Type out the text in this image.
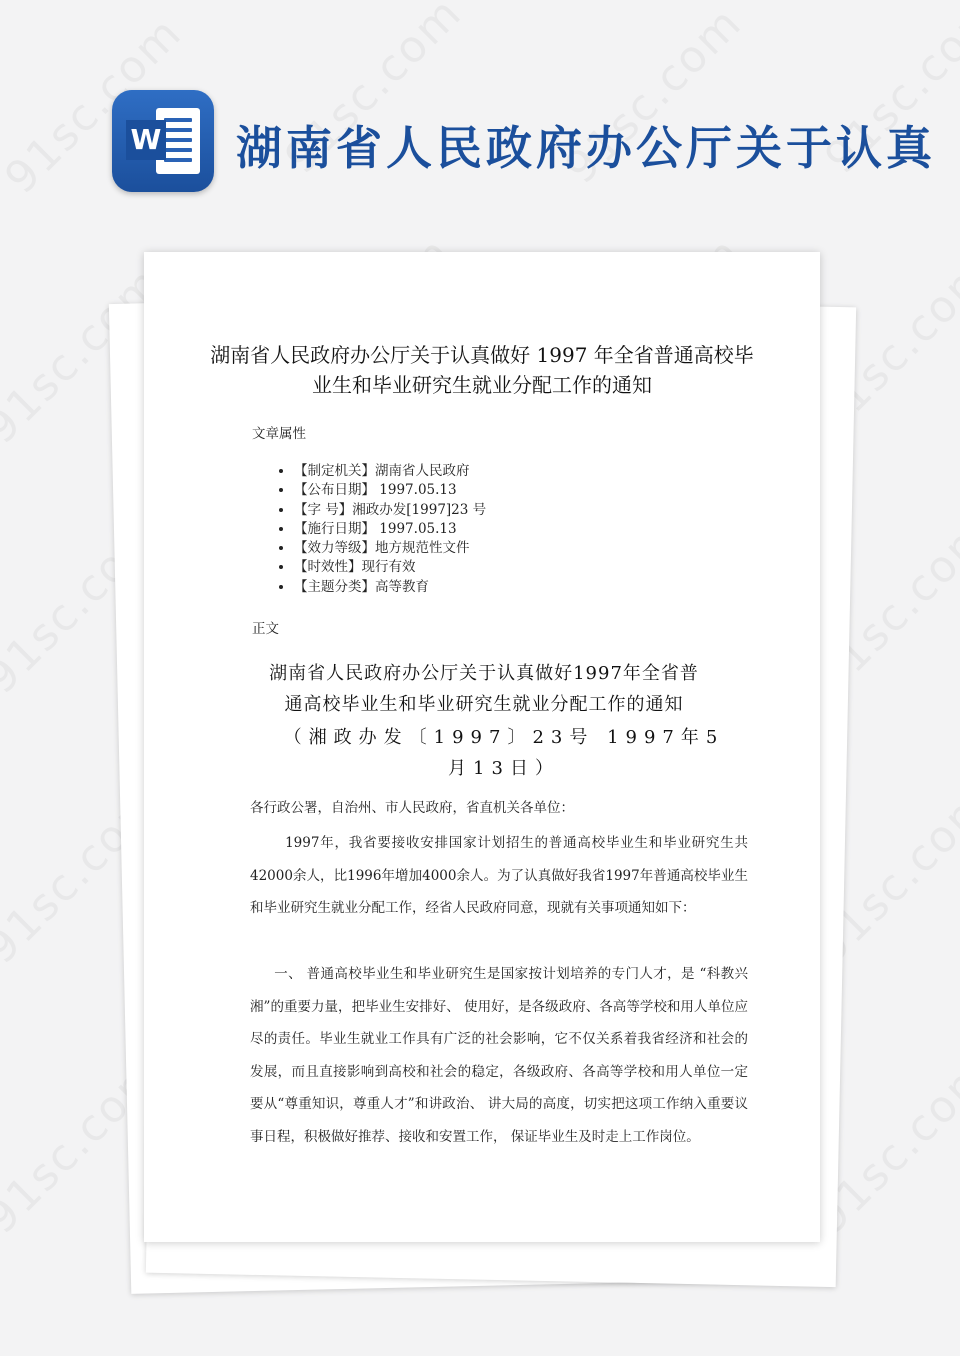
W 湖南省人民政府办公厅关于认真
湖南省人民政府办公厅关于认真做好 1997 年全省普通高校毕业生和毕业研究生就业分配工作的通知
文章属性
• 【制定机关】湖南省人民政府
• 【公布日期】 1997.05.13
• 【字 号】湘政办发[1997]23 号
• 【施行日期】 1997.05.13
• 【效力等级】地方规范性文件
• 【时效性】现行有效
• 【主题分类】高等教育
正文
湖南省人民政府办公厅关于认真做好1997年全省普通高校毕业生和毕业研究生就业分配工作的通知
（湘政办发〔1997〕23号 1997年5月13日）
各行政公署，自治州、市人民政府，省直机关各单位：
1997年，我省要接收安排国家计划招生的普通高校毕业生和毕业研究生共42000余人，比1996年增加4000余人。为了认真做好我省1997年普通高校毕业生和毕业研究生就业分配工作，经省人民政府同意，现就有关事项通知如下：
一、 普通高校毕业生和毕业研究生是国家按计划培养的专门人才，是 “科教兴湘”的重要力量，把毕业生安排好、 使用好，是各级政府、各高等学校和用人单位应尽的责任。毕业生就业工作具有广泛的社会影响，它不仅关系着我省经济和社会的发展，而且直接影响到高校和社会的稳定，各级政府、各高等学校和用人单位一定要从“尊重知识，尊重人才”和讲政治、 讲大局的高度，切实把这项工作纳入重要议事日程，积极做好推荐、接收和安置工作， 保证毕业生及时走上工作岗位。
